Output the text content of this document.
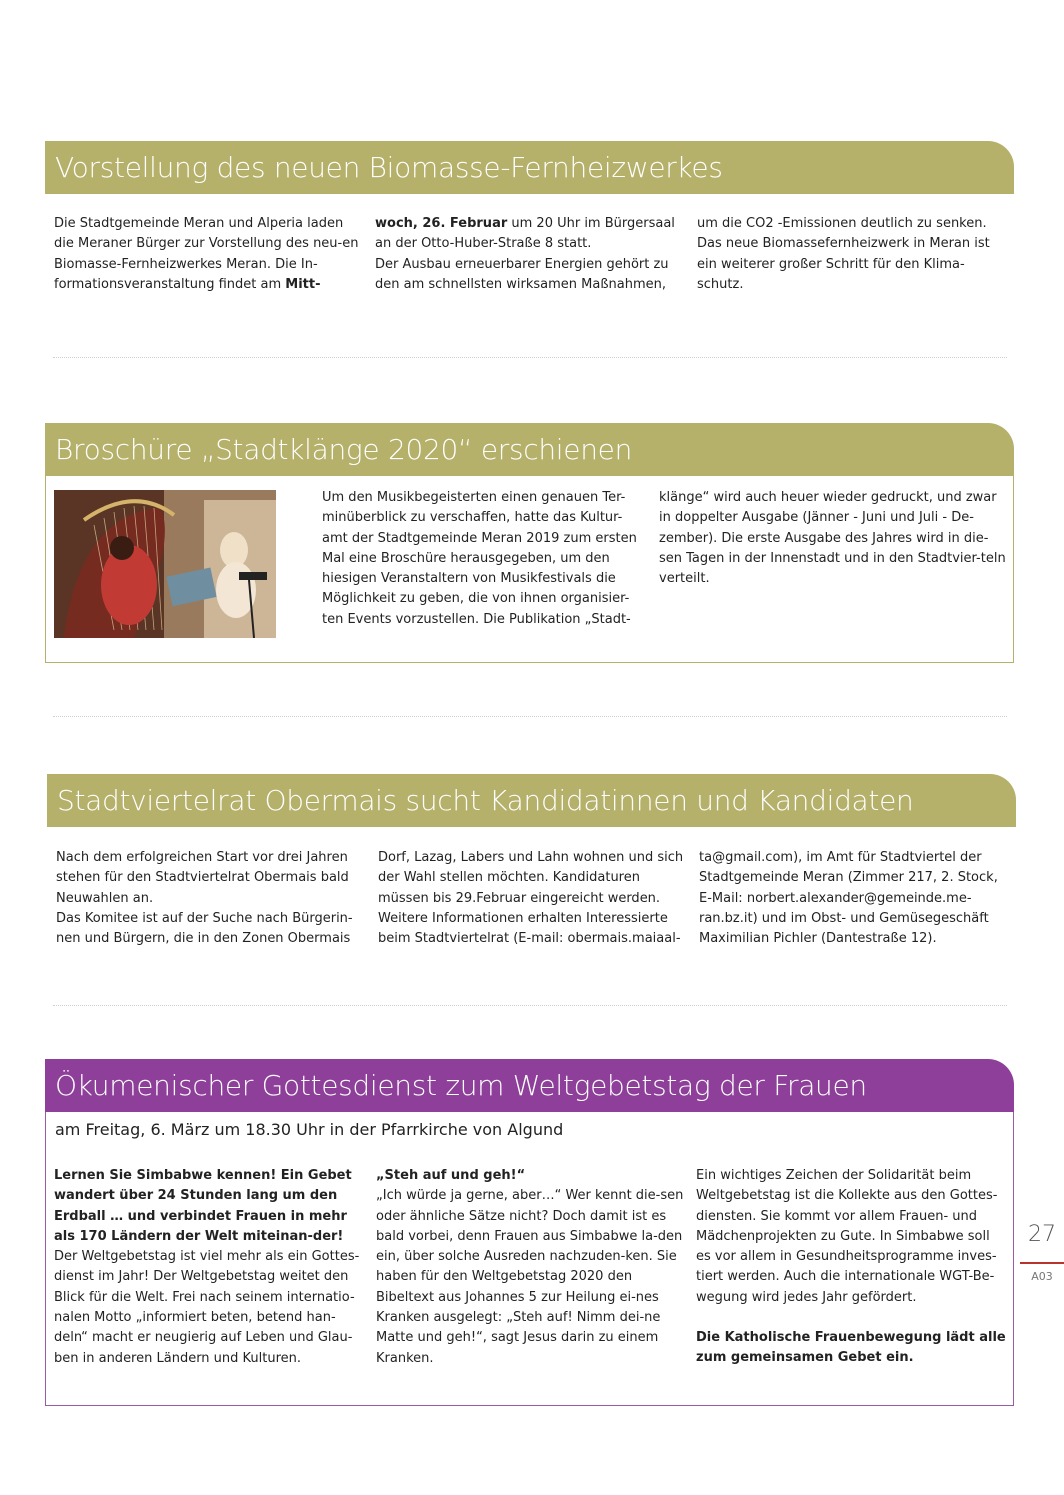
Vorstellung des neuen Biomasse-Fernheizwerkes

Die Stadtgemeinde Meran und Alperia laden die Meraner Bürger zur Vorstellung des neu-en Biomasse-Fernheizwerkes Meran. Die In-formationsveranstaltung findet am Mitt-

woch, 26. Februar um 20 Uhr im Bürgersaal an der Otto-Huber-Straße 8 statt.

Der Ausbau erneuerbarer Energien gehört zu den am schnellsten wirksamen Maßnahmen,

um die CO2 -Emissionen deutlich zu senken. Das neue Biomassefernheizwerk in Meran ist ein weiterer großer Schritt für den Klima-schutz.

Broschüre „Stadtklänge 2020“ erschienen

Um den Musikbegeisterten einen genauen Ter-minüberblick zu verschaffen, hatte das Kultur-amt der Stadtgemeinde Meran 2019 zum ersten Mal eine Broschüre herausgegeben, um den hiesigen Veranstaltern von Musikfestivals die Möglichkeit zu geben, die von ihnen organisier-ten Events vorzustellen. Die Publikation „Stadt-

klänge“ wird auch heuer wieder gedruckt, und zwar in doppelter Ausgabe (Jänner - Juni und Juli - De-zember). Die erste Ausgabe des Jahres wird in die-sen Tagen in der Innenstadt und in den Stadtvier-teln verteilt.

Stadtviertelrat Obermais sucht Kandidatinnen und Kandidaten

Nach dem erfolgreichen Start vor drei Jahren stehen für den Stadtviertelrat Obermais bald Neuwahlen an.

Das Komitee ist auf der Suche nach Bürgerin-nen und Bürgern, die in den Zonen Obermais

Dorf, Lazag, Labers und Lahn wohnen und sich der Wahl stellen möchten. Kandidaturen müssen bis 29.Februar eingereicht werden. Weitere Informationen erhalten Interessierte beim Stadtviertelrat (E-mail: obermais.maiaal-

ta@gmail.com), im Amt für Stadtviertel der Stadtgemeinde Meran (Zimmer 217, 2. Stock, E-Mail: norbert.alexander@gemeinde.me-ran.bz.it) und im Obst- und Gemüsegeschäft Maximilian Pichler (Dantestraße 12).

Ökumenischer Gottesdienst zum Weltgebetstag der Frauen
am Freitag, 6. März um 18.30 Uhr in der Pfarrkirche von Algund

Lernen Sie Simbabwe kennen! Ein Gebet wandert über 24 Stunden lang um den Erdball … und verbindet Frauen in mehr als 170 Ländern der Welt miteinan-der!

Der Weltgebetstag ist viel mehr als ein Gottes-dienst im Jahr! Der Weltgebetstag weitet den Blick für die Welt. Frei nach seinem internatio-nalen Motto „informiert beten, betend han-deln“ macht er neugierig auf Leben und Glau-ben in anderen Ländern und Kulturen.

„Steh auf und geh!“

„Ich würde ja gerne, aber…“ Wer kennt die-sen oder ähnliche Sätze nicht? Doch damit ist es bald vorbei, denn Frauen aus Simbabwe la-den ein, über solche Ausreden nachzuden-ken. Sie haben für den Weltgebetstag 2020 den Bibeltext aus Johannes 5 zur Heilung ei-nes Kranken ausgelegt: „Steh auf! Nimm dei-ne Matte und geh!“, sagt Jesus darin zu einem Kranken.

Ein wichtiges Zeichen der Solidarität beim Weltgebetstag ist die Kollekte aus den Gottes-diensten. Sie kommt vor allem Frauen- und Mädchenprojekten zu Gute. In Simbabwe soll es vor allem in Gesundheitsprogramme inves-tiert werden. Auch die internationale WGT-Be-wegung wird jedes Jahr gefördert.

Die Katholische Frauenbewegung lädt alle zum gemeinsamen Gebet ein.

27
A03
